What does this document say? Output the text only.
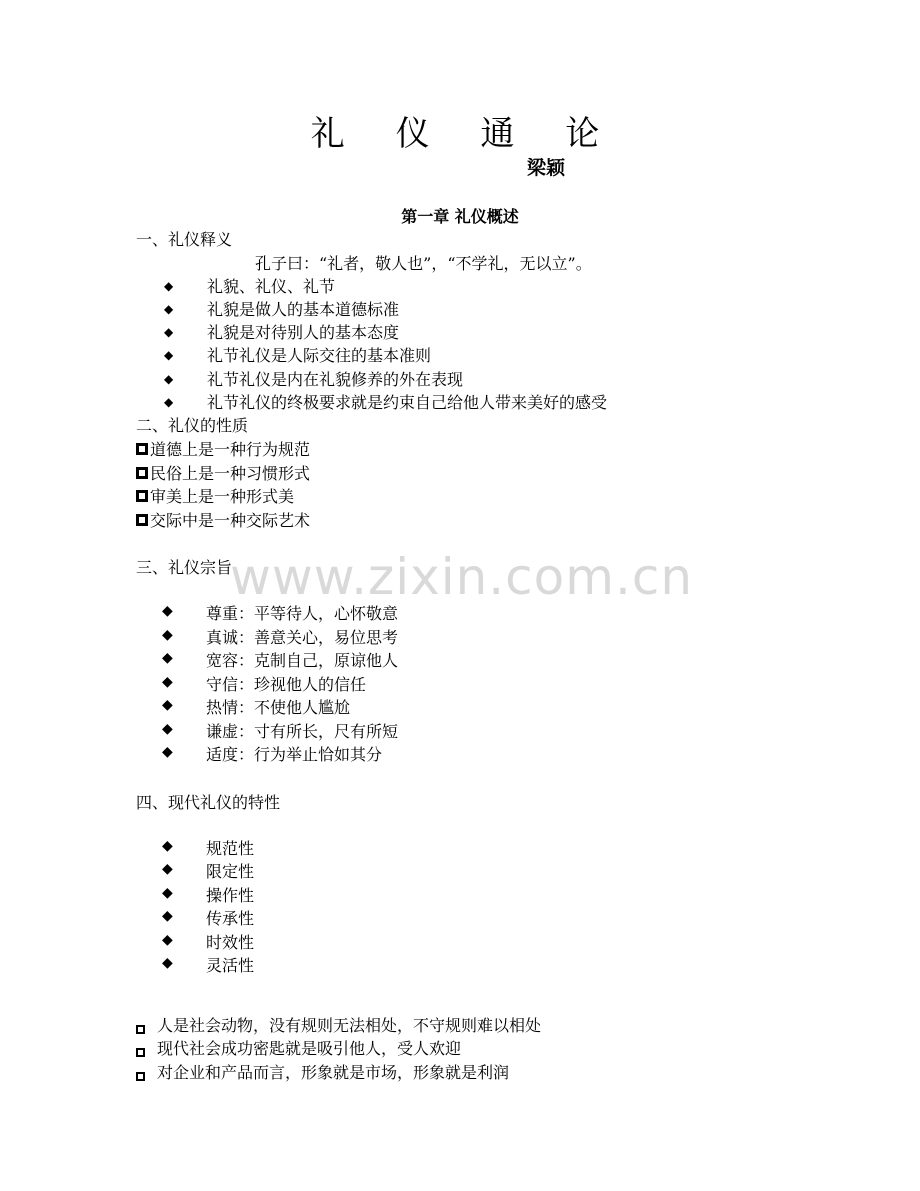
礼 仪 通 论
梁颖
第一章 礼仪概述
www.zixin.com.cn
一、礼仪释义
孔子曰：“礼者，敬人也”，“不学礼，无以立”。
◆ 礼貌、礼仪、礼节
◆ 礼貌是做人的基本道德标准
◆ 礼貌是对待别人的基本态度
◆ 礼节礼仪是人际交往的基本准则
◆ 礼节礼仪是内在礼貌修养的外在表现
◆ 礼节礼仪的终极要求就是约束自己给他人带来美好的感受
二、礼仪的性质
道德上是一种行为规范
民俗上是一种习惯形式
审美上是一种形式美
交际中是一种交际艺术
三、礼仪宗旨
◆ 尊重：平等待人，心怀敬意
◆ 真诚：善意关心，易位思考
◆ 宽容：克制自己，原谅他人
◆ 守信：珍视他人的信任
◆ 热情：不使他人尴尬
◆ 谦虚：寸有所长，尺有所短
◆ 适度：行为举止恰如其分
四、现代礼仪的特性
◆ 规范性
◆ 限定性
◆ 操作性
◆ 传承性
◆ 时效性
◆ 灵活性
人是社会动物，没有规则无法相处，不守规则难以相处
现代社会成功密匙就是吸引他人，受人欢迎
对企业和产品而言，形象就是市场，形象就是利润
